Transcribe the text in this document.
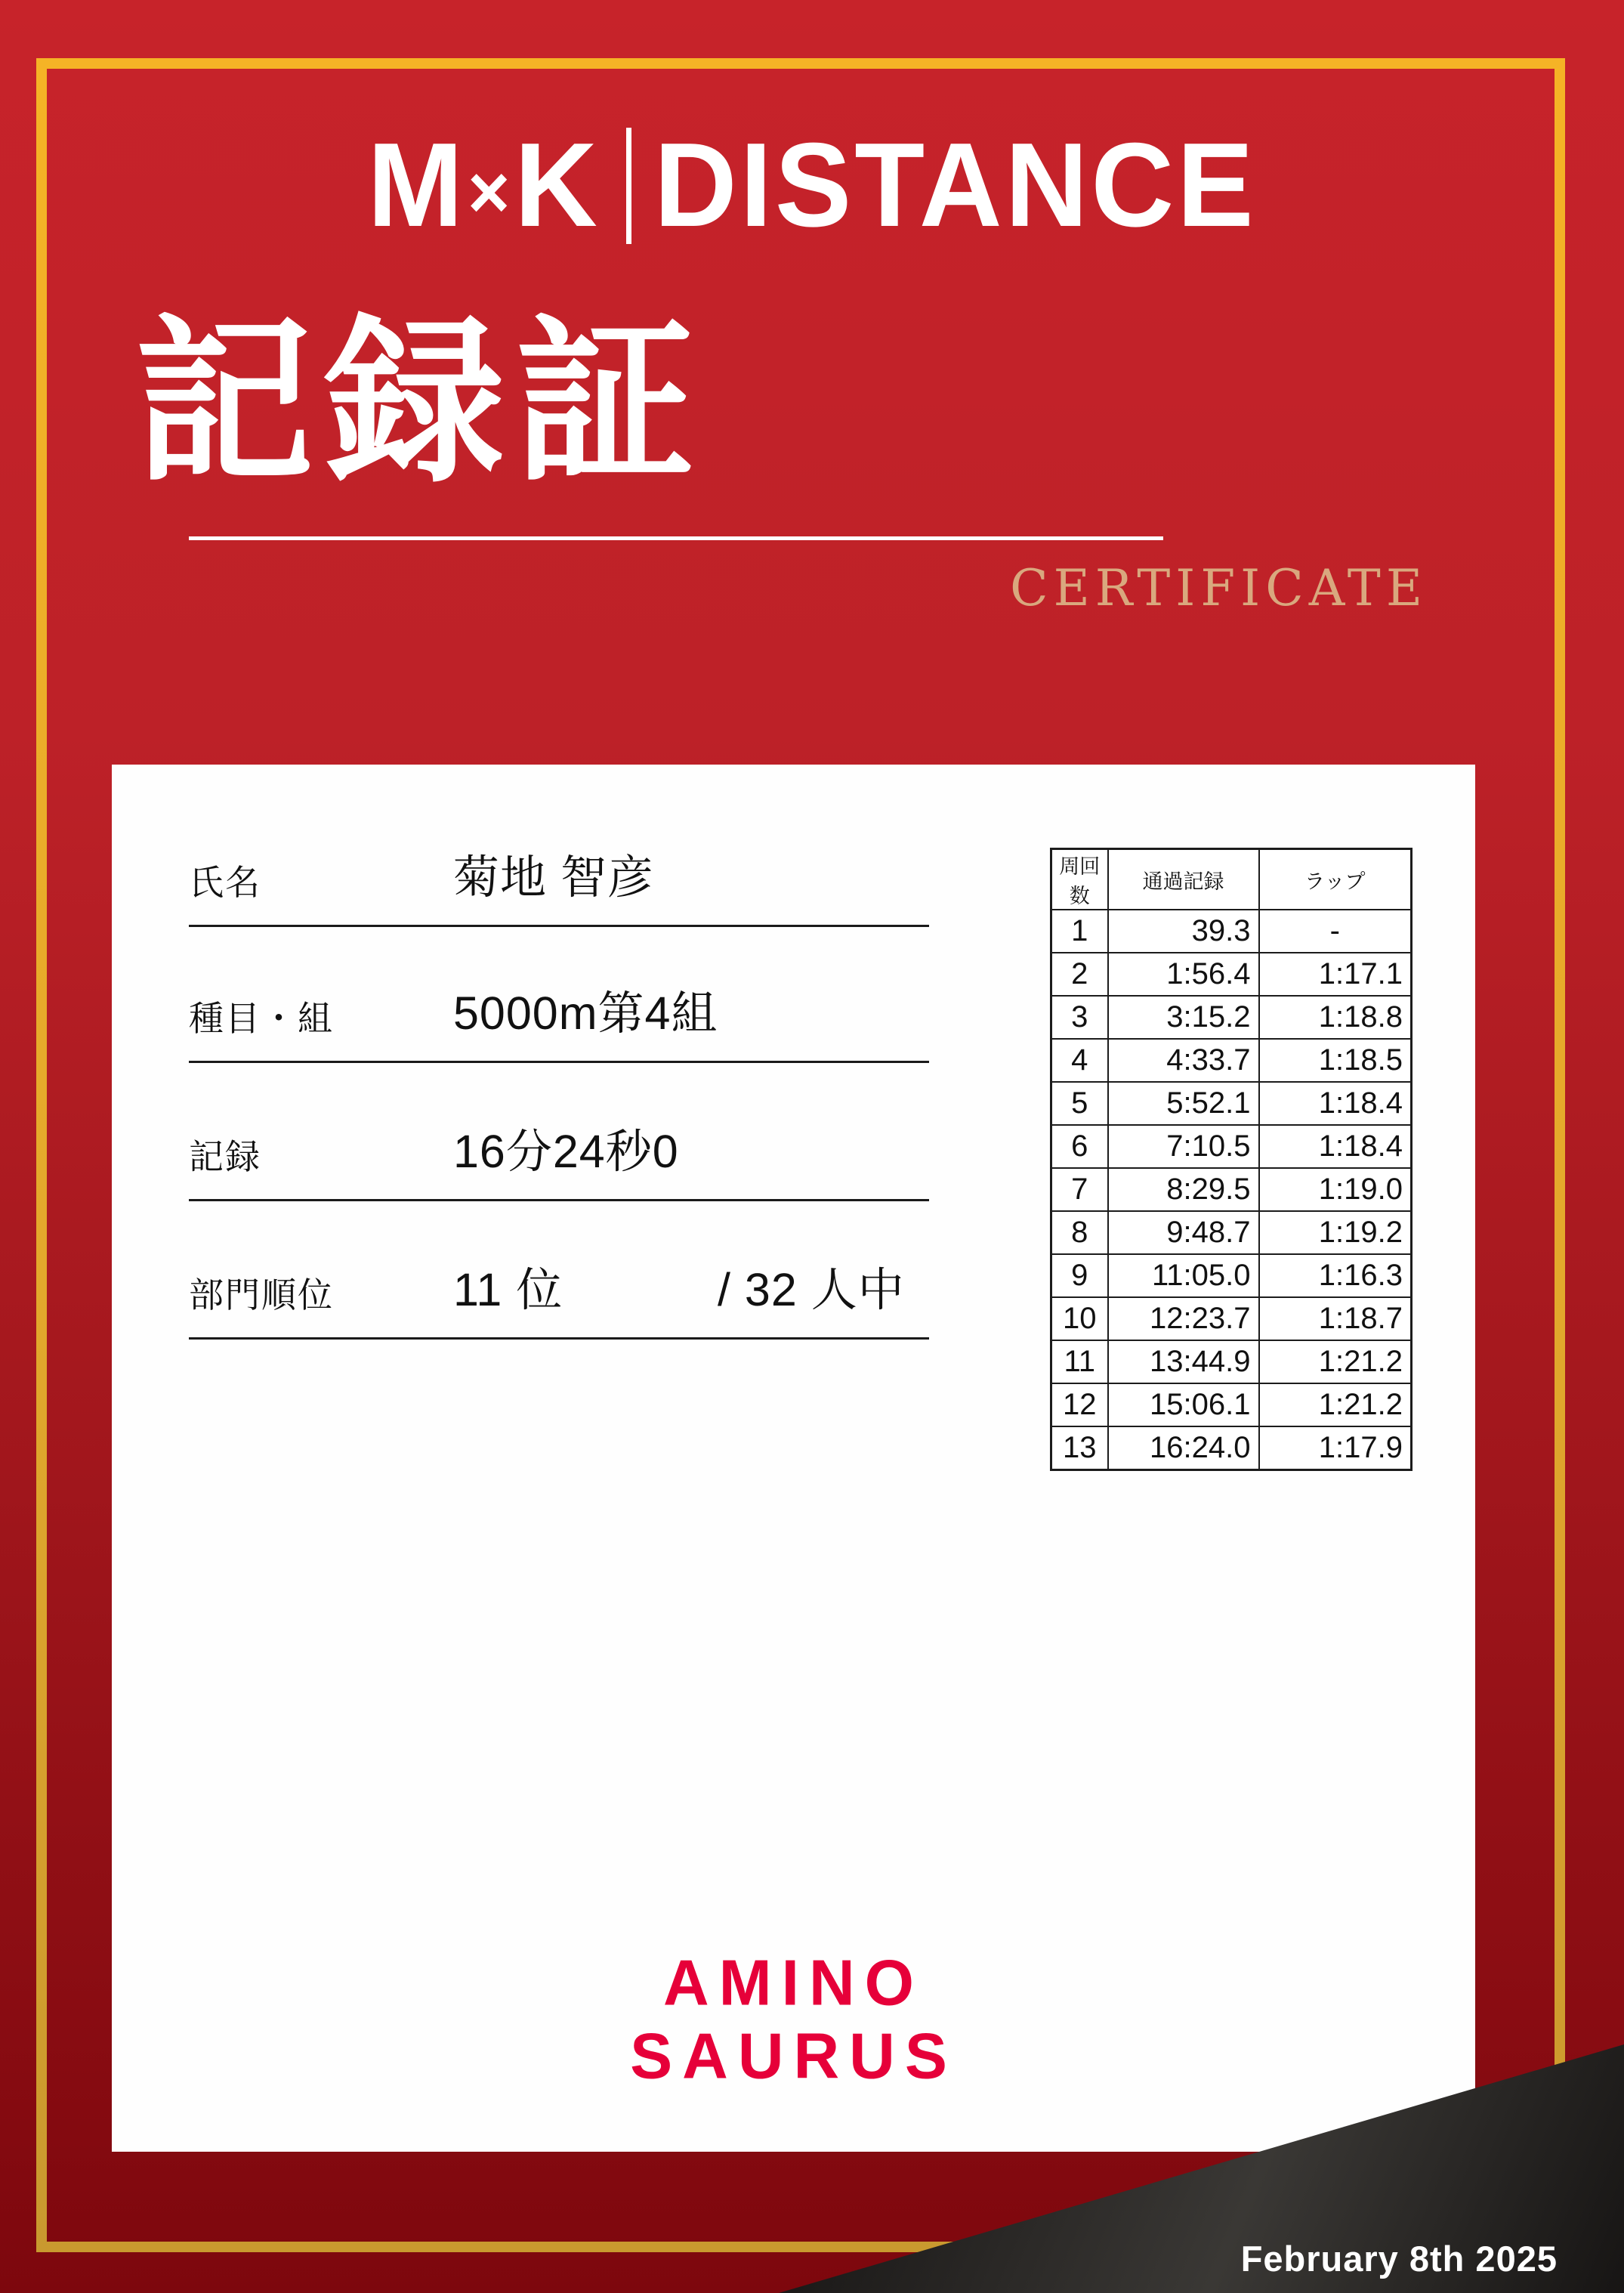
M × K DISTANCE
記録証
CERTIFICATE
氏名	菊地 智彦
種目・組	5000m第4組
記録	16分24秒0
部門順位	11 位	/ 32 人中
周回数	通過記録	ラップ
1	39.3	-
2	1:56.4	1:17.1
3	3:15.2	1:18.8
4	4:33.7	1:18.5
5	5:52.1	1:18.4
6	7:10.5	1:18.4
7	8:29.5	1:19.0
8	9:48.7	1:19.2
9	11:05.0	1:16.3
10	12:23.7	1:18.7
11	13:44.9	1:21.2
12	15:06.1	1:21.2
13	16:24.0	1:17.9
AMINO
SAURUS
February 8th 2025
